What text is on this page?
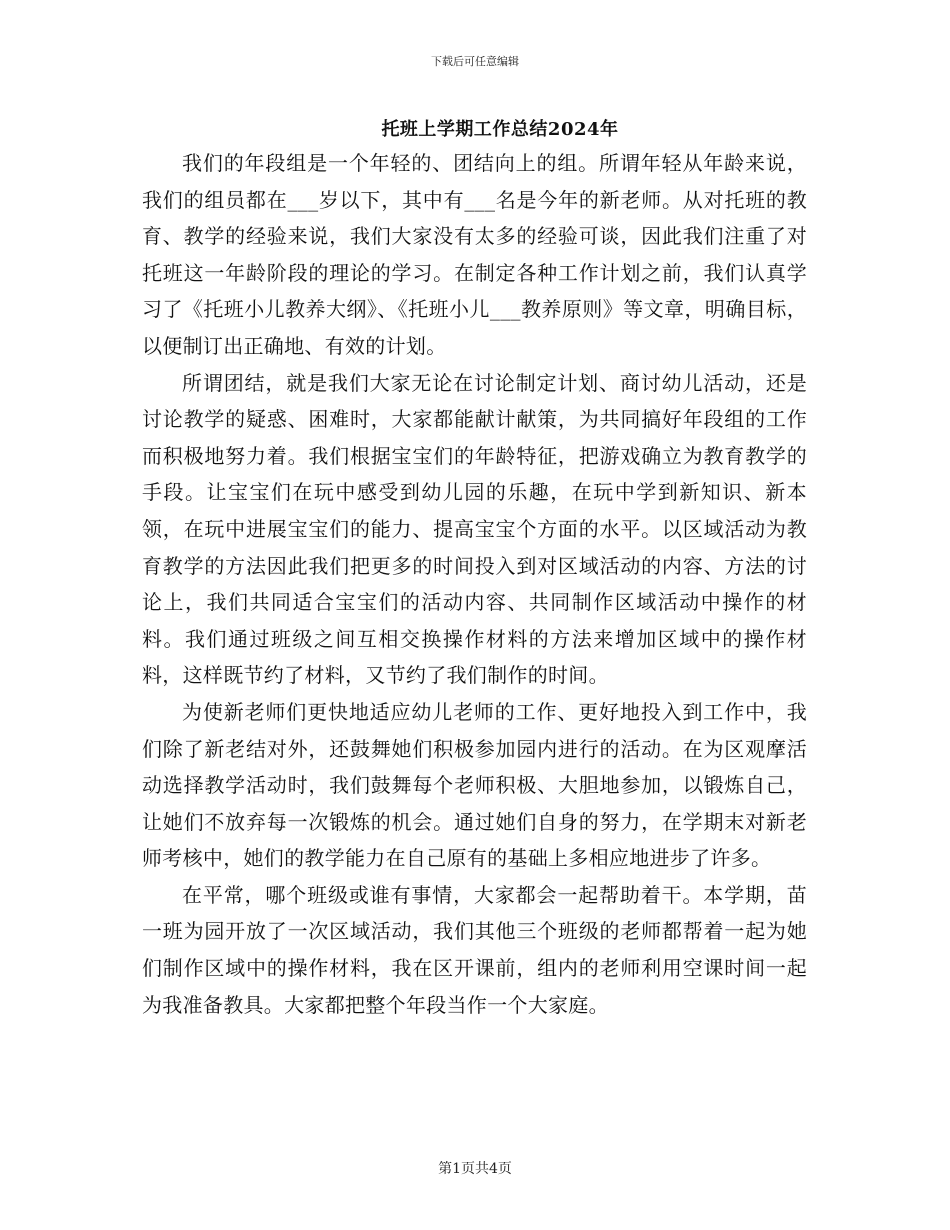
下载后可任意编辑
托班上学期工作总结2024年

我们的年段组是一个年轻的、团结向上的组。所谓年轻从年龄来说，我们的组员都在___岁以下，其中有___名是今年的新老师。从对托班的教育、教学的经验来说，我们大家没有太多的经验可谈，因此我们注重了对托班这一年龄阶段的理论的学习。在制定各种工作计划之前，我们认真学习了《托班小儿教养大纲》、《托班小儿___教养原则》等文章，明确目标，以便制订出正确地、有效的计划。

所谓团结，就是我们大家无论在讨论制定计划、商讨幼儿活动，还是讨论教学的疑惑、困难时，大家都能献计献策，为共同搞好年段组的工作而积极地努力着。我们根据宝宝们的年龄特征，把游戏确立为教育教学的手段。让宝宝们在玩中感受到幼儿园的乐趣，在玩中学到新知识、新本领，在玩中进展宝宝们的能力、提高宝宝个方面的水平。以区域活动为教育教学的方法因此我们把更多的时间投入到对区域活动的内容、方法的讨论上，我们共同适合宝宝们的活动内容、共同制作区域活动中操作的材料。我们通过班级之间互相交换操作材料的方法来增加区域中的操作材料，这样既节约了材料，又节约了我们制作的时间。

为使新老师们更快地适应幼儿老师的工作、更好地投入到工作中，我们除了新老结对外，还鼓舞她们积极参加园内进行的活动。在为区观摩活动选择教学活动时，我们鼓舞每个老师积极、大胆地参加，以锻炼自己，让她们不放弃每一次锻炼的机会。通过她们自身的努力，在学期末对新老师考核中，她们的教学能力在自己原有的基础上多相应地进步了许多。

在平常，哪个班级或谁有事情，大家都会一起帮助着干。本学期，苗一班为园开放了一次区域活动，我们其他三个班级的老师都帮着一起为她们制作区域中的操作材料，我在区开课前，组内的老师利用空课时间一起为我准备教具。大家都把整个年段当作一个大家庭。

第1页共4页
